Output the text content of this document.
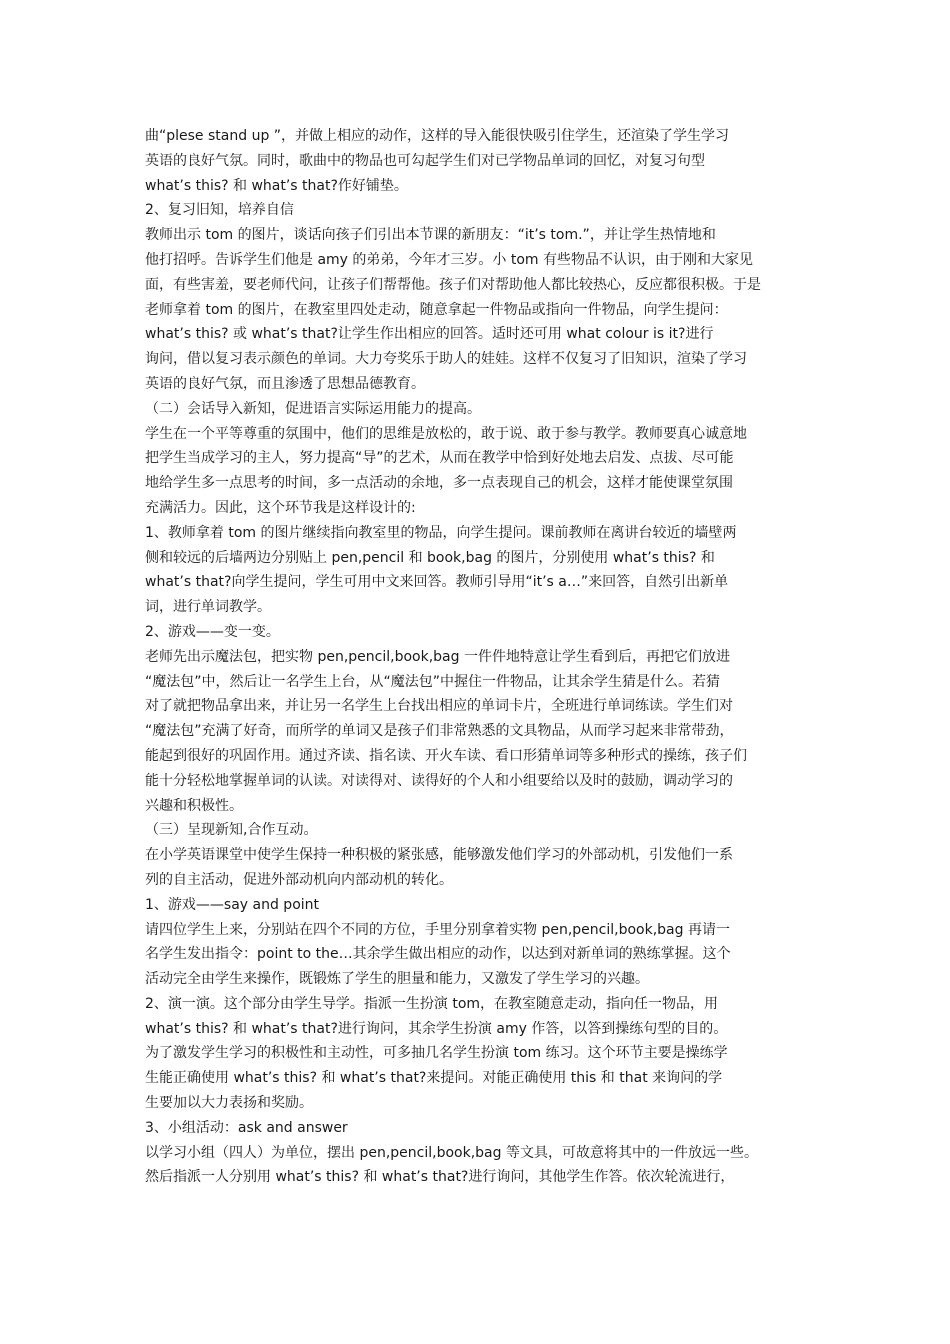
曲“plese stand up ”，并做上相应的动作，这样的导入能很快吸引住学生，还渲染了学生学习
英语的良好气氛。同时，歌曲中的物品也可勾起学生们对已学物品单词的回忆，对复习句型
what’s this? 和 what’s that?作好铺垫。
2、复习旧知，培养自信
教师出示 tom 的图片，谈话向孩子们引出本节课的新朋友：“it’s tom.”，并让学生热情地和
他打招呼。告诉学生们他是 amy 的弟弟，今年才三岁。小 tom 有些物品不认识，由于刚和大家见
面，有些害羞，要老师代问，让孩子们帮帮他。孩子们对帮助他人都比较热心，反应都很积极。于是
老师拿着 tom 的图片，在教室里四处走动，随意拿起一件物品或指向一件物品，向学生提问：
what’s this? 或 what’s that?让学生作出相应的回答。适时还可用 what colour is it?进行
询问，借以复习表示颜色的单词。大力夸奖乐于助人的娃娃。这样不仅复习了旧知识，渲染了学习
英语的良好气氛，而且渗透了思想品德教育。
（二）会话导入新知，促进语言实际运用能力的提高。
学生在一个平等尊重的氛围中，他们的思维是放松的，敢于说、敢于参与教学。教师要真心诚意地
把学生当成学习的主人，努力提高“导”的艺术，从而在教学中恰到好处地去启发、点拔、尽可能
地给学生多一点思考的时间，多一点活动的余地，多一点表现自己的机会，这样才能使课堂氛围
充满活力。因此，这个环节我是这样设计的:
1、教师拿着 tom 的图片继续指向教室里的物品，向学生提问。课前教师在离讲台较近的墙壁两
侧和较远的后墙两边分别贴上 pen,pencil 和 book,bag 的图片，分别使用 what’s this? 和
what’s that?向学生提问，学生可用中文来回答。教师引导用“it’s a…”来回答，自然引出新单
词，进行单词教学。
2、游戏——变一变。
老师先出示魔法包，把实物 pen,pencil,book,bag 一件件地特意让学生看到后，再把它们放进
“魔法包”中，然后让一名学生上台，从“魔法包”中握住一件物品，让其余学生猜是什么。若猜
对了就把物品拿出来，并让另一名学生上台找出相应的单词卡片，全班进行单词练读。学生们对
“魔法包”充满了好奇，而所学的单词又是孩子们非常熟悉的文具物品，从而学习起来非常带劲，
能起到很好的巩固作用。通过齐读、指名读、开火车读、看口形猜单词等多种形式的操练，孩子们
能十分轻松地掌握单词的认读。对读得对、读得好的个人和小组要给以及时的鼓励，调动学习的
兴趣和积极性。
（三）呈现新知,合作互动。
在小学英语课堂中使学生保持一种积极的紧张感，能够激发他们学习的外部动机，引发他们一系
列的自主活动，促进外部动机向内部动机的转化。
1、游戏——say and point
请四位学生上来，分别站在四个不同的方位，手里分别拿着实物 pen,pencil,book,bag 再请一
名学生发出指令：point to the…其余学生做出相应的动作，以达到对新单词的熟练掌握。这个
活动完全由学生来操作，既锻炼了学生的胆量和能力，又激发了学生学习的兴趣。
2、演一演。这个部分由学生导学。指派一生扮演 tom，在教室随意走动，指向任一物品，用
what’s this? 和 what’s that?进行询问，其余学生扮演 amy 作答，以答到操练句型的目的。
为了激发学生学习的积极性和主动性，可多抽几名学生扮演 tom 练习。这个环节主要是操练学
生能正确使用 what’s this? 和 what’s that?来提问。对能正确使用 this 和 that 来询问的学
生要加以大力表扬和奖励。
3、小组活动：ask and answer
以学习小组（四人）为单位，摆出 pen,pencil,book,bag 等文具，可故意将其中的一件放远一些。
然后指派一人分别用 what’s this? 和 what’s that?进行询问，其他学生作答。依次轮流进行，
